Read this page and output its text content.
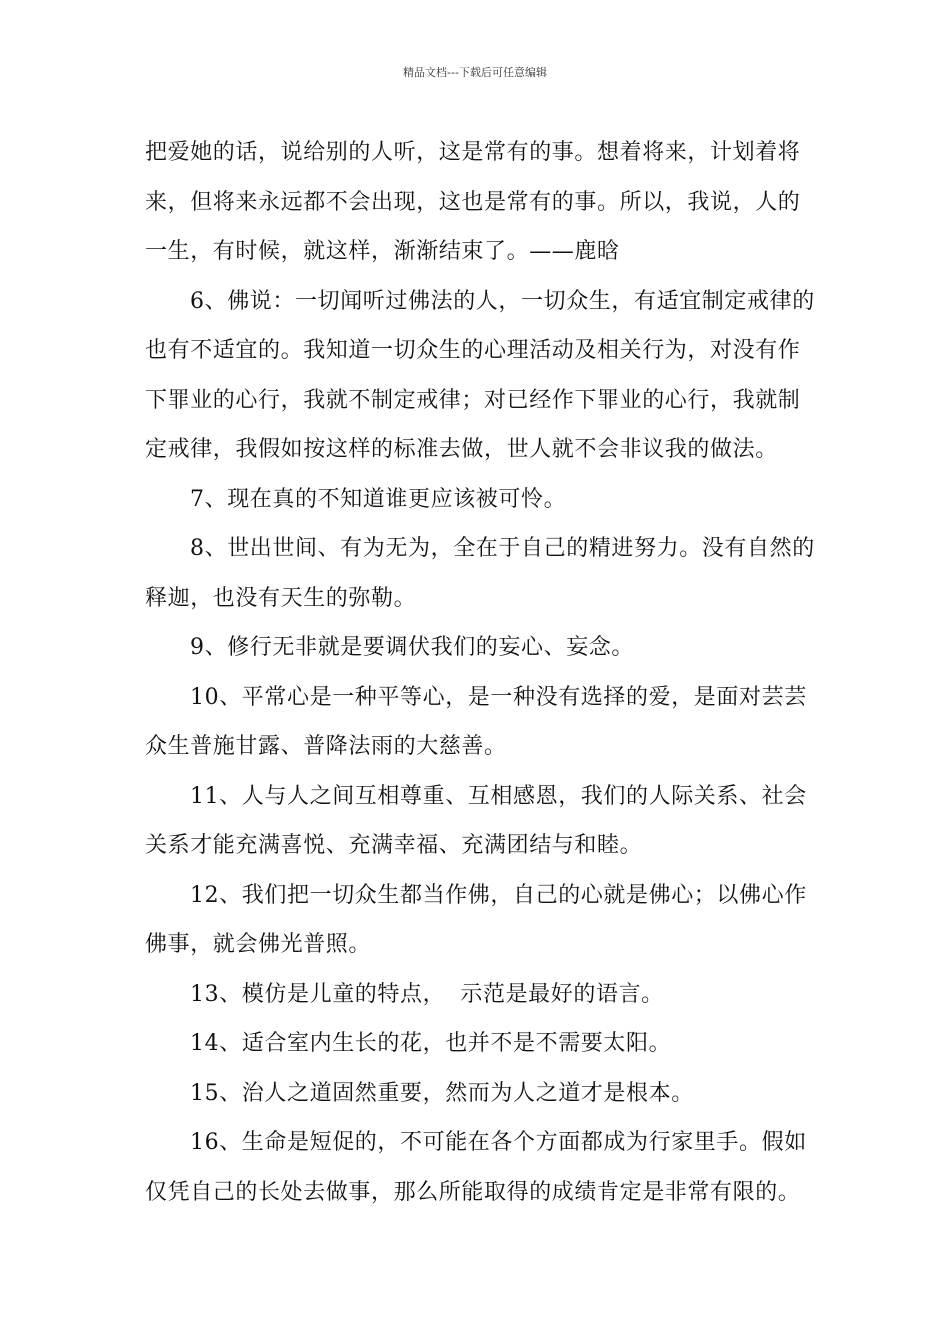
精品文档---下载后可任意编辑

把爱她的话，说给别的人听，这是常有的事。想着将来，计划着将
来，但将来永远都不会出现，这也是常有的事。所以，我说，人的
一生，有时候，就这样，渐渐结束了。——鹿晗

6、佛说：一切闻听过佛法的人，一切众生，有适宜制定戒律的
也有不适宜的。我知道一切众生的心理活动及相关行为，对没有作
下罪业的心行，我就不制定戒律；对已经作下罪业的心行，我就制
定戒律，我假如按这样的标准去做，世人就不会非议我的做法。

7、现在真的不知道谁更应该被可怜。

8、世出世间、有为无为，全在于自己的精进努力。没有自然的
释迦，也没有天生的弥勒。

9、修行无非就是要调伏我们的妄心、妄念。

10、平常心是一种平等心，是一种没有选择的爱，是面对芸芸
众生普施甘露、普降法雨的大慈善。

11、人与人之间互相尊重、互相感恩，我们的人际关系、社会
关系才能充满喜悦、充满幸福、充满团结与和睦。

12、我们把一切众生都当作佛，自己的心就是佛心；以佛心作
佛事，就会佛光普照。

13、模仿是儿童的特点，  示范是最好的语言。

14、适合室内生长的花，也并不是不需要太阳。

15、治人之道固然重要，然而为人之道才是根本。

16、生命是短促的，不可能在各个方面都成为行家里手。假如
仅凭自己的长处去做事，那么所能取得的成绩肯定是非常有限的。
